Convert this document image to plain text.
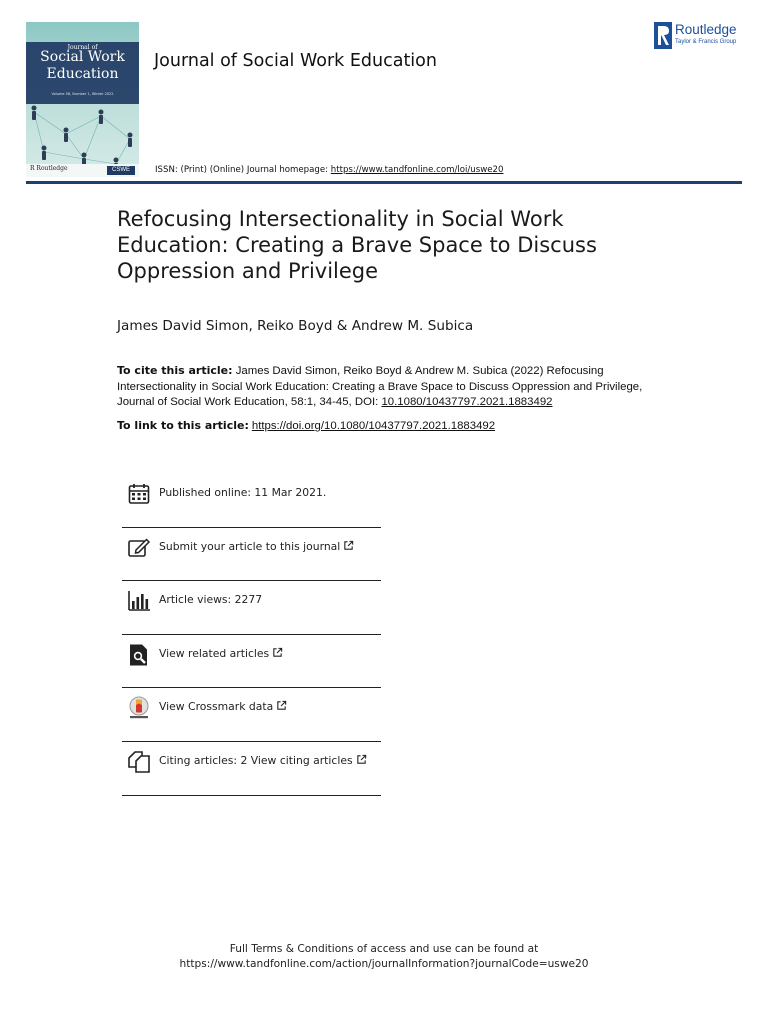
Journal of
Social Work
Education
Volume 58, Number 1, Winter 2022
R Routledge	CSWE
Journal of Social Work Education
ISSN: (Print) (Online) Journal homepage: https://www.tandfonline.com/loi/uswe20
Routledge
Taylor & Francis Group
Refocusing Intersectionality in Social Work Education: Creating a Brave Space to Discuss Oppression and Privilege
James David Simon, Reiko Boyd & Andrew M. Subica
To cite this article: James David Simon, Reiko Boyd & Andrew M. Subica (2022) Refocusing Intersectionality in Social Work Education: Creating a Brave Space to Discuss Oppression and Privilege, Journal of Social Work Education, 58:1, 34-45, DOI: 10.1080/10437797.2021.1883492
To link to this article: https://doi.org/10.1080/10437797.2021.1883492
Published online: 11 Mar 2021.
Submit your article to this journal
Article views: 2277
View related articles
View Crossmark data
Citing articles: 2 View citing articles
Full Terms & Conditions of access and use can be found at
https://www.tandfonline.com/action/journalInformation?journalCode=uswe20
